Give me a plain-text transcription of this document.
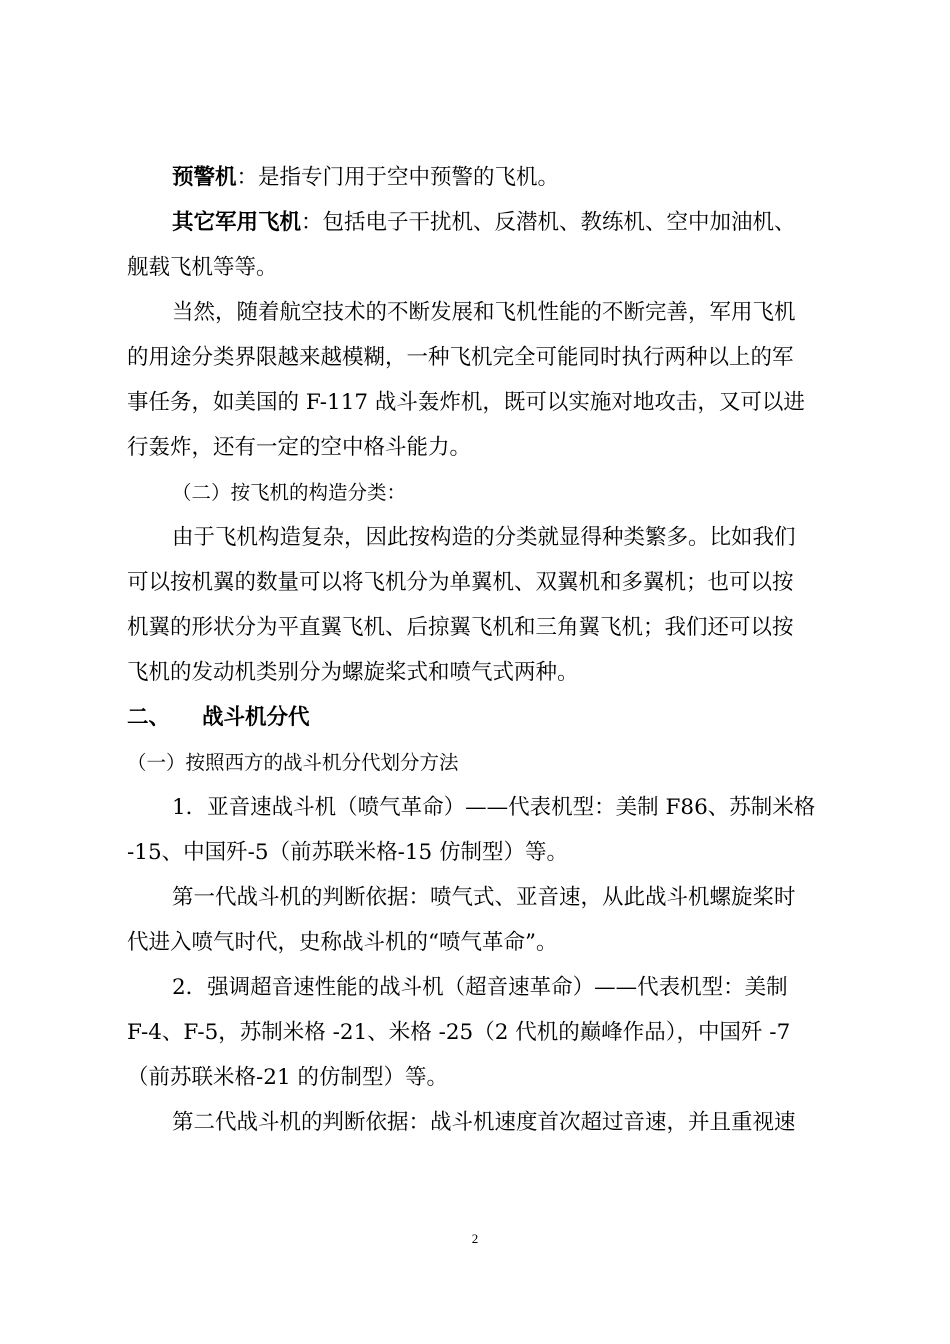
预警机：是指专门用于空中预警的飞机。
其它军用飞机：包括电子干扰机、反潜机、教练机、空中加油机、
舰载飞机等等。
当然，随着航空技术的不断发展和飞机性能的不断完善，军用飞机
的用途分类界限越来越模糊，一种飞机完全可能同时执行两种以上的军
事任务，如美国的 F-117 战斗轰炸机，既可以实施对地攻击，又可以进
行轰炸，还有一定的空中格斗能力。
（二）按飞机的构造分类：
由于飞机构造复杂，因此按构造的分类就显得种类繁多。比如我们
可以按机翼的数量可以将飞机分为单翼机、双翼机和多翼机；也可以按
机翼的形状分为平直翼飞机、后掠翼飞机和三角翼飞机；我们还可以按
飞机的发动机类别分为螺旋桨式和喷气式两种。
二、 战斗机分代
（一）按照西方的战斗机分代划分方法
1．亚音速战斗机（喷气革命）——代表机型：美制 F86、苏制米格
-15、中国歼-5（前苏联米格-15 仿制型）等。
第一代战斗机的判断依据：喷气式、亚音速，从此战斗机螺旋桨时
代进入喷气时代，史称战斗机的“喷气革命”。
2．强调超音速性能的战斗机（超音速革命）——代表机型：美制
F-4、F-5，苏制米格 -21、米格 -25（2 代机的巅峰作品），中国歼 -7
（前苏联米格-21 的仿制型）等。
第二代战斗机的判断依据：战斗机速度首次超过音速，并且重视速
2
